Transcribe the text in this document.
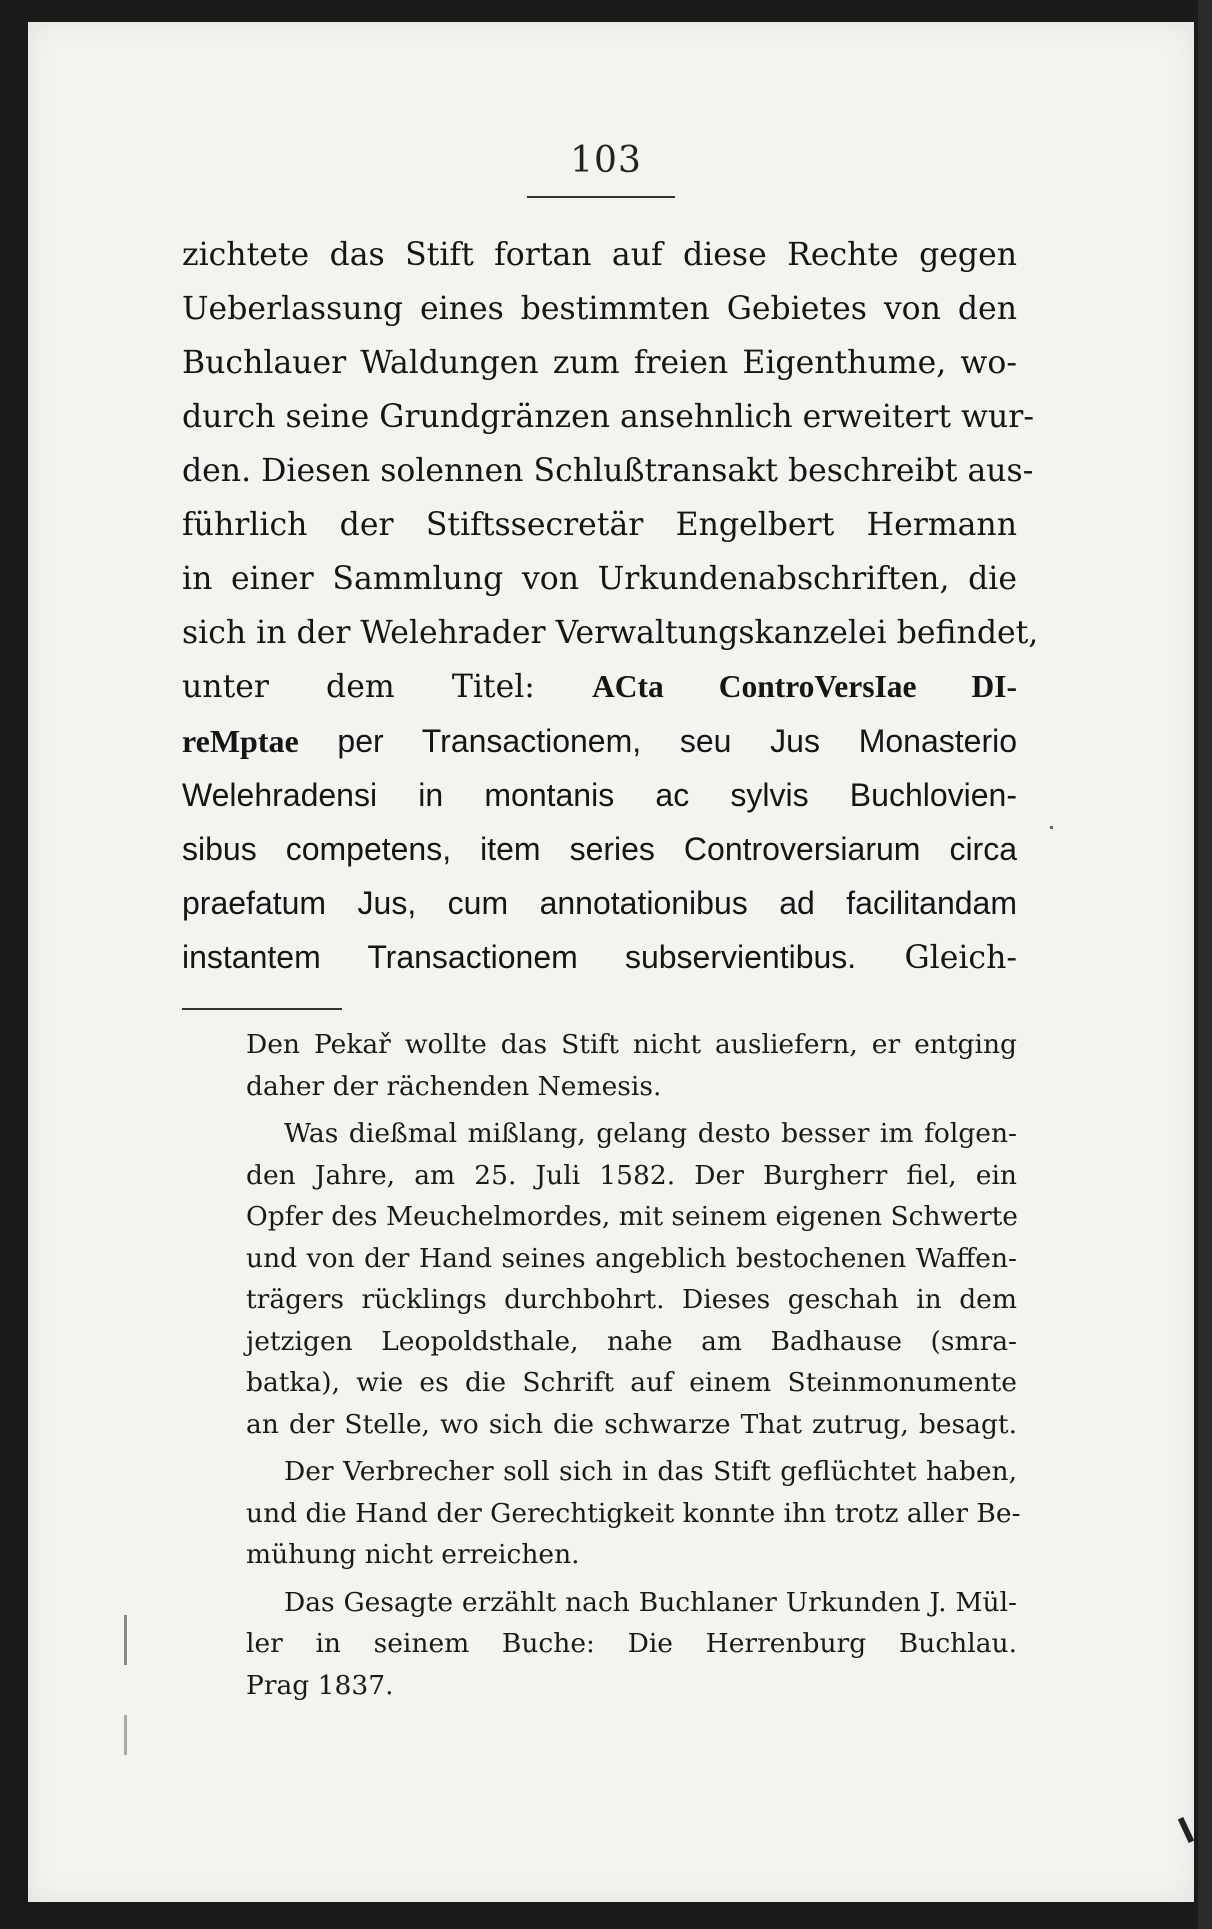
103
zichtete das Stift fortan auf diese Rechte gegen
Ueberlassung eines bestimmten Gebietes von den
Buchlauer Waldungen zum freien Eigenthume, wo-
durch seine Grundgränzen ansehnlich erweitert wur-
den. Diesen solennen Schlußtransakt beschreibt aus-
führlich der Stiftssecretär Engelbert Hermann
in einer Sammlung von Urkundenabschriften, die
sich in der Welehrader Verwaltungskanzelei befindet,
unter dem Titel: ACta ControVersIae DI-
reMptae per Transactionem, seu Jus Monasterio
Welehradensi in montanis ac sylvis Buchlovien-
sibus competens, item series Controversiarum circa
praefatum Jus, cum annotationibus ad facilitandam
instantem Transactionem subservientibus. Gleich-
Den Pekař wollte das Stift nicht ausliefern, er entging
daher der rächenden Nemesis.
Was dießmal mißlang, gelang desto besser im folgen-
den Jahre, am 25. Juli 1582. Der Burgherr fiel, ein
Opfer des Meuchelmordes, mit seinem eigenen Schwerte
und von der Hand seines angeblich bestochenen Waffen-
trägers rücklings durchbohrt. Dieses geschah in dem
jetzigen Leopoldsthale, nahe am Badhause (smra-
batka), wie es die Schrift auf einem Steinmonumente
an der Stelle, wo sich die schwarze That zutrug, besagt.
Der Verbrecher soll sich in das Stift geflüchtet haben,
und die Hand der Gerechtigkeit konnte ihn trotz aller Be-
mühung nicht erreichen.
Das Gesagte erzählt nach Buchlaner Urkunden J. Mül-
ler in seinem Buche: Die Herrenburg Buchlau.
Prag 1837.
